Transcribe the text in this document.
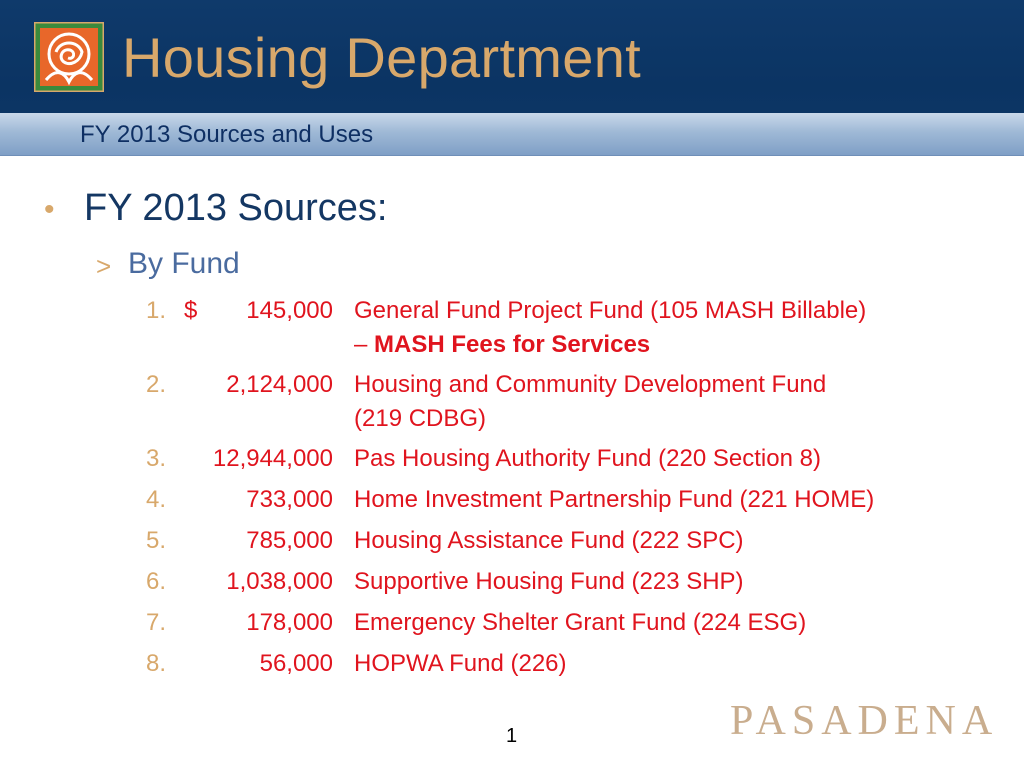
Housing Department
FY 2013 Sources and Uses
• FY 2013 Sources:
> By Fund
1. $ 145,000 General Fund Project Fund (105 MASH Billable)
– MASH Fees for Services
2.	2,124,000 Housing and Community Development Fund
(219 CDBG)
3. 12,944,000 Pas Housing Authority Fund (220 Section 8)
4.	733,000 Home Investment Partnership Fund (221 HOME)
5.	785,000 Housing Assistance Fund (222 SPC)
6.	1,038,000 Supportive Housing Fund (223 SHP)
7.	178,000 Emergency Shelter Grant Fund (224 ESG)
8.	56,000 HOPWA Fund (226)
PASADENA
1
